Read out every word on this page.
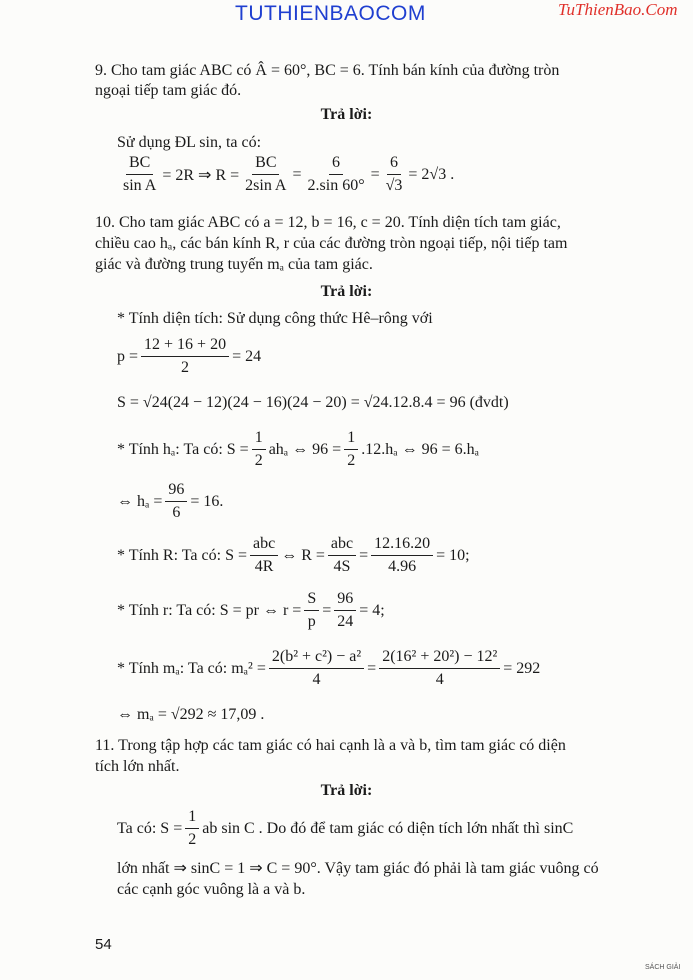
TUTHIENBAOCOM	TuThienBao.Com
9. Cho tam giác ABC có Â = 60°, BC = 6. Tính bán kính của đường tròn
ngoại tiếp tam giác đó.
Trả lời:
Sử dụng ĐL sin, ta có:
$\frac{BC}{\text{sin A}} = 2R$ ⇒ $R = \frac{BC}{\text{2sin A}} = \frac{6}{2.\sin 60^\circ} = \frac{6}{√3} = 2√3$ .
10. Cho tam giác ABC có a = 12, b = 16, c = 20. Tính diện tích tam giác,
chiều cao hₐ, các bán kính R, r của các đường tròn ngoại tiếp, nội tiếp tam
giác và đường trung tuyến mₐ của tam giác.
Trả lời:
* Tính diện tích: Sử dụng công thức Hê–rông với
$p = \frac{12 + 16 + 20}{2} = 24$
S = √24(24 − 12)(24 − 16)(24 − 20) = √24.12.8.4 = 96 (đvdt)
* Tính hₐ: Ta có: $S = \frac{1}{2}$ ahₐ ⇔ $96 = \frac{1}{2} .12.h_a$ ⇔ 96 = 6.hₐ
⇔ $h_a = \frac{96}{6} = 16$.
* Tính R: Ta có: $S = \frac{\text{abc}}{4R}$ ⇔ $R = \frac{\text{abc}}{4S} = \frac{12.16.20}{4.96} = 10$;
* Tính r: Ta có: S = pr ⇔ $r = \frac{S}{p} = \frac{96}{24} = 4$;
* Tính mₐ: Ta có: $m_a^2 = \frac{\text{2(b² + c²) − a²}}{4} = \frac{\text{2(16² + 20²) − 12²}}{4} = 292$
⇔ mₐ = √292 ≈ 17,09 .
11. Trong tập hợp các tam giác có hai cạnh là a và b, tìm tam giác có diện
tích lớn nhất.
Trả lời:
Ta có: $S = \frac{1}{2}$ ab sin C . Do đó để tam giác có diện tích lớn nhất thì sinC
lớn nhất ⇒ sinC = 1 ⇒ C = 90°. Vậy tam giác đó phải là tam giác vuông có
các cạnh góc vuông là a và b.
54
SÁCH GIẢI
